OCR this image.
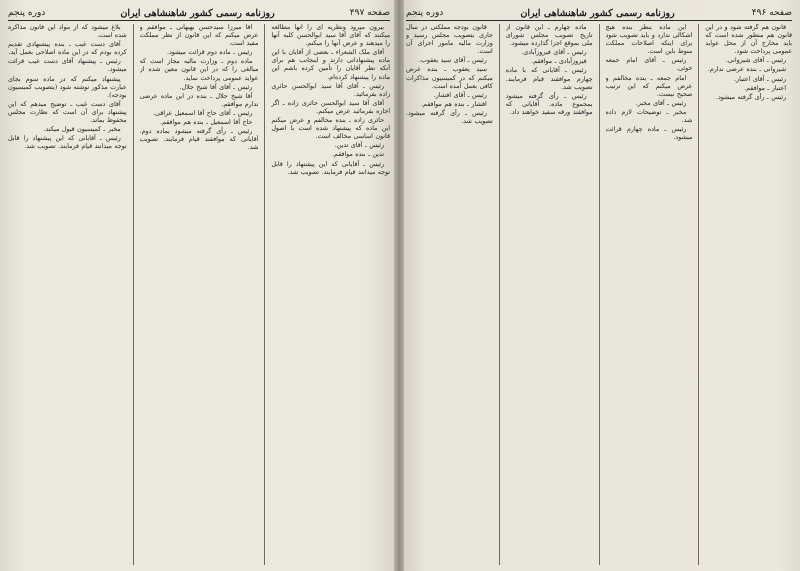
صفحه ۴۹۷
روزنامه رسمی کشور شاهنشاهی ایران
دوره پنجم

بیرون میرود ونظریه ای را آنها مطالعه میکنند که آقای آقا سید ابوالحسن کلبه آنها را میدهند و عرض آنها را میکنم.

آقای ملک الشعراء ـ بعضی از آقایان با این ماده پیشنهاداتی دارند و اینجانب هم برای آنکه نظر آقایان را تأمین کرده باشم این ماده را پیشنهاد کرده‌ام.

رئیس ـ آقای آقا سید ابوالحسن حائری زاده بفرمائید.

آقای آقا سید ابوالحسن حائری زاده ـ اگر اجازه بفرمائید عرض میکنم.

حائری زاده ـ بنده مخالفم و عرض میکنم این ماده که پیشنهاد شده است با اصول قانون اساسی مخالف است.

رئیس ـ آقای تدین.

تدین ـ بنده موافقم.

رئیس ـ آقایانی که این پیشنهاد را قابل توجه میدانند قیام فرمایند. تصویب شد.

آقا میرزا سیدحسن بهبهانی ـ موافقم و عرض میکنم که این قانون از نظر مملکت مفید است.

رئیس ـ ماده دوم قرائت میشود.

ماده دوم ـ وزارت مالیه مجاز است که مبالغی را که در این قانون معین شده از عواید عمومی پرداخت نماید.

رئیس ـ آقای آقا شیخ جلال.

آقا شیخ جلال ـ بنده در این ماده عرضی ندارم موافقم.

رئیس ـ آقای حاج آقا اسمعیل عراقی.

حاج آقا اسمعیل ـ بنده هم موافقم.

رئیس ـ رأی گرفته میشود بماده دوم. آقایانی که موافقند قیام فرمایند. تصویب شد.

بلاغ میشود که از مواد این قانون مذاکره شده است.

آقای دست غیب ـ بنده پیشنهادی تقدیم کرده بودم که در این ماده اصلاحی بعمل آید.

رئیس ـ پیشنهاد آقای دست غیب قرائت میشود.

پیشنهاد میکنم که در ماده سوم بجای عبارت مذکور نوشته شود (بتصویب کمیسیون بودجه).

آقای دست غیب ـ توضیح میدهم که این پیشنهاد برای آن است که نظارت مجلس محفوظ بماند.

مخبر ـ کمیسیون قبول میکند.

رئیس ـ آقایانی که این پیشنهاد را قابل توجه میدانند قیام فرمایند. تصویب شد.

صفحه ۴۹۶
روزنامه رسمی کشور شاهنشاهی ایران
دوره پنجم

قانون هم گرفته شود و در این قانون هم منظور شده است که باید مخارج آن از محل عواید عمومی پرداخت شود.

رئیس ـ آقای شیروانی.

شیروانی ـ بنده عرضی ندارم.

رئیس ـ آقای اعتبار.

اعتبار ـ موافقم.

رئیس ـ رأی گرفته میشود.

این ماده بنظر بنده هیچ اشکالی ندارد و باید تصویب شود برای اینکه اصلاحات مملکت منوط باین است.

رئیس ـ آقای امام جمعه خوئی.

امام جمعه ـ بنده مخالفم و عرض میکنم که این ترتیب صحیح نیست.

رئیس ـ آقای مخبر.

مخبر ـ توضیحات لازم داده شد.

رئیس ـ ماده چهارم قرائت میشود.

ماده چهارم ـ این قانون از تاریخ تصویب مجلس شورای ملی بموقع اجرا گذارده میشود.

رئیس ـ آقای فیروزآبادی.

فیروزآبادی ـ موافقم.

رئیس ـ آقایانی که با ماده چهارم موافقند قیام فرمایند. تصویب شد.

رئیس ـ رأی گرفته میشود بمجموع ماده. آقایانی که موافقند ورقه سفید خواهند داد.

قانون بودجه مملکتی در سال جاری بتصویب مجلس رسید و وزارت مالیه مامور اجرای آن است.

رئیس ـ آقای سید یعقوب.

سید یعقوب ـ بنده عرض میکنم که در کمیسیون مذاکرات کافی بعمل آمده است.

رئیس ـ آقای افشار.

افشار ـ بنده هم موافقم.

رئیس ـ رأی گرفته میشود. تصویب شد.
